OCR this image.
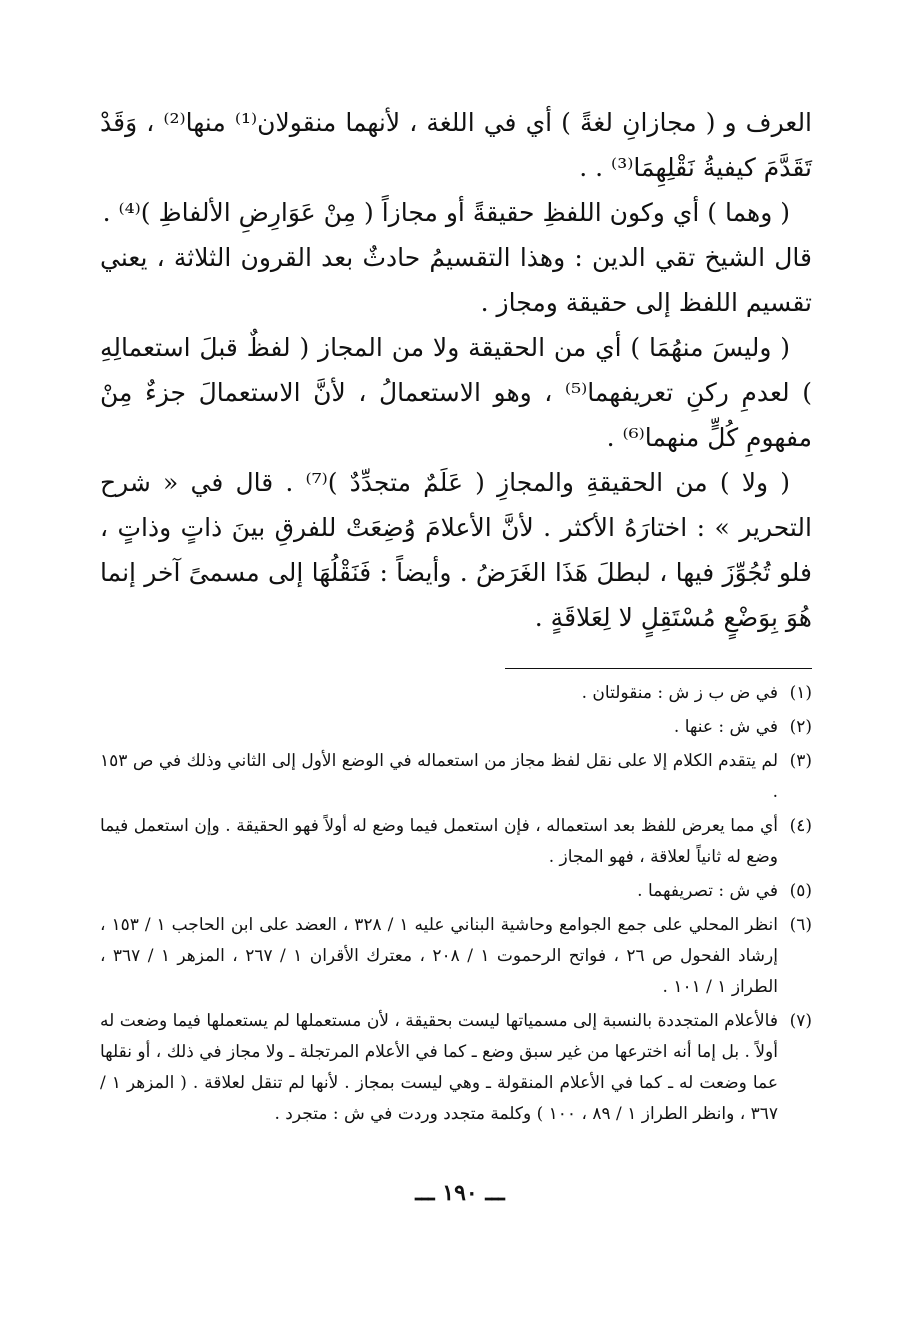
العرف و ( مجازانِ لغةً ) أي في اللغة ، لأنهما منقولان⁽¹⁾ منها⁽²⁾ ، وَقَدْ تَقَدَّمَ كيفيةُ نَقْلِهِمَا⁽³⁾ . .

( وهما ) أي وكون اللفظِ حقيقةً أو مجازاً ( مِنْ عَوَارِضِ الألفاظِ )⁽⁴⁾ .

قال الشيخ تقي الدين : وهذا التقسيمُ حادثٌ بعد القرون الثلاثة ، يعني تقسيم اللفظ إلى حقيقة ومجاز .

( وليسَ منهُمَا ) أي من الحقيقة ولا من المجاز ( لفظٌ قبلَ استعمالِهِ ) لعدمِ ركنِ تعريفهما⁽⁵⁾ ، وهو الاستعمالُ ، لأنَّ الاستعمالَ جزءٌ مِنْ مفهومِ كُلٍّ منهما⁽⁶⁾ .

( ولا ) من الحقيقةِ والمجازِ ( عَلَمٌ متجدِّدٌ )⁽⁷⁾ . قال في « شرح التحرير » : اختارَهُ الأكثر . لأنَّ الأعلامَ وُضِعَتْ للفرقِ بينَ ذاتٍ وذاتٍ ، فلو تُجُوِّزَ فيها ، لبطلَ هَذَا الغَرَضُ . وأيضاً : فَنَقْلُهَا إلى مسمىً آخر إنما هُوَ بِوَضْعٍ مُسْتَقِلٍ لا لِعَلاقَةٍ .

(١)
في ض ب ز ش : منقولتان .
(٢)
في ش : عنها .
(٣)
لم يتقدم الكلام إلا على نقل لفظ مجاز من استعماله في الوضع الأول إلى الثاني وذلك في ص ١٥٣ .
(٤)
أي مما يعرض للفظ بعد استعماله ، فإن استعمل فيما وضع له أولاً فهو الحقيقة . وإن استعمل فيما وضع له ثانياً لعلاقة ، فهو المجاز .
(٥)
في ش : تصريفهما .
(٦)
انظر المحلي على جمع الجوامع وحاشية البناني عليه ١ / ٣٢٨ ، العضد على ابن الحاجب ١ / ١٥٣ ، إرشاد الفحول ص ٢٦ ، فواتح الرحموت ١ / ٢٠٨ ، معترك الأقران ١ / ٢٦٧ ، المزهر ١ / ٣٦٧ ، الطراز ١ / ١٠١ .
(٧)
فالأعلام المتجددة بالنسبة إلى مسمياتها ليست بحقيقة ، لأن مستعملها لم يستعملها فيما وضعت له أولاً . بل إما أنه اخترعها من غير سبق وضع ـ كما في الأعلام المرتجلة ـ ولا مجاز في ذلك ، أو نقلها عما وضعت له ـ كما في الأعلام المنقولة ـ وهي ليست بمجاز . لأنها لم تنقل لعلاقة . ( المزهر ١ / ٣٦٧ ، وانظر الطراز ١ / ٨٩ ، ١٠٠ ) وكلمة متجدد وردت في ش : متجرد .
ـــ ١٩٠ ـــ
